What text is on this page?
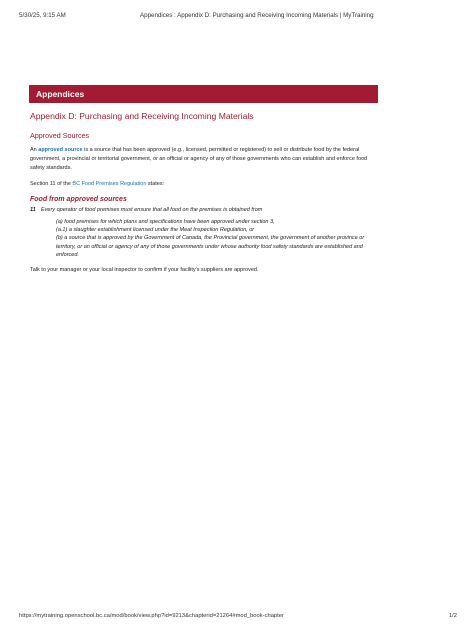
5/30/25, 9:15 AM	Appendices : Appendix D: Purchasing and Receiving Incoming Materials | MyTraining
Appendices
Appendix D: Purchasing and Receiving Incoming Materials
Approved Sources

An approved source is a source that has been approved (e.g., licensed, permitted or registered) to sell or distribute food by the federal government, a provincial or territorial government, or an official or agency of any of those governments who can establish and enforce food safety standards.

Section 11 of the BC Food Premises Regulation states:

Food from approved sources
11 Every operator of food premises must ensure that all food on the premises is obtained from

(a) food premises for which plans and specifications have been approved under section 3,

(a.1) a slaughter establishment licensed under the Meat Inspection Regulation, or

(b) a source that is approved by the Government of Canada, the Provincial government, the government of another province or territory, or an official or agency of any of those governments under whose authority food safety standards are established and enforced.

Talk to your manager or your local inspector to confirm if your facility's suppliers are approved.

https://mytraining.openschool.bc.ca/mod/book/view.php?id=9213&chapterid=21264#mod_book-chapter	1/2
